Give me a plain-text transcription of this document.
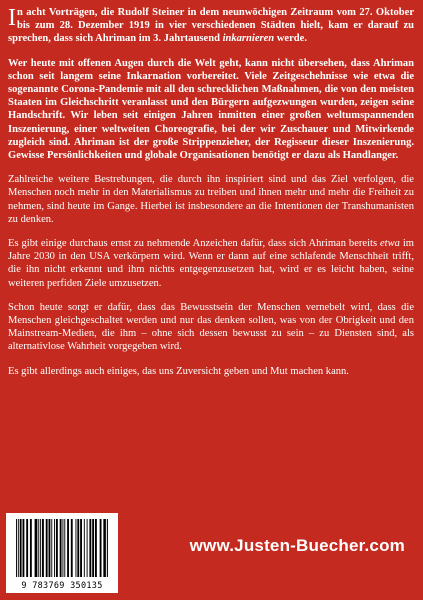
In acht Vorträgen, die Rudolf Steiner in dem neunwöchigen Zeitraum vom 27. Oktober bis zum 28. Dezember 1919 in vier verschiedenen Städten hielt, kam er darauf zu sprechen, dass sich Ahriman im 3. Jahrtausend inkarnieren werde.

Wer heute mit offenen Augen durch die Welt geht, kann nicht übersehen, dass Ahriman schon seit langem seine Inkarnation vorbereitet. Viele Zeitgeschehnisse wie etwa die sogenannte Corona-Pandemie mit all den schrecklichen Maßnahmen, die von den meisten Staaten im Gleichschritt veranlasst und den Bürgern aufgezwungen wurden, zeigen seine Handschrift. Wir leben seit einigen Jahren inmitten einer großen weltumspannenden Inszenierung, einer weltweiten Choreografie, bei der wir Zuschauer und Mitwirkende zugleich sind. Ahriman ist der große Strippenzieher, der Regisseur dieser Inszenierung. Gewisse Persönlichkeiten und globale Organisationen benötigt er dazu als Handlanger.

Zahlreiche weitere Bestrebungen, die durch ihn inspiriert sind und das Ziel verfolgen, die Menschen noch mehr in den Materialismus zu treiben und ihnen mehr und mehr die Freiheit zu nehmen, sind heute im Gange. Hierbei ist insbesondere an die Intentionen der Transhumanisten zu denken.

Es gibt einige durchaus ernst zu nehmende Anzeichen dafür, dass sich Ahriman bereits etwa im Jahre 2030 in den USA verkörpern wird. Wenn er dann auf eine schlafende Menschheit trifft, die ihn nicht erkennt und ihm nichts entgegenzusetzen hat, wird er es leicht haben, seine weiteren perfiden Ziele umzusetzen.

Schon heute sorgt er dafür, dass das Bewusstsein der Menschen vernebelt wird, dass die Menschen gleichgeschaltet werden und nur das denken sollen, was von der Obrigkeit und den Mainstream-Medien, die ihm – ohne sich dessen bewusst zu sein – zu Diensten sind, als alternativlose Wahrheit vorgegeben wird.

Es gibt allerdings auch einiges, das uns Zuversicht geben und Mut machen kann.

www.Justen-Buecher.com
9 783769 350135
